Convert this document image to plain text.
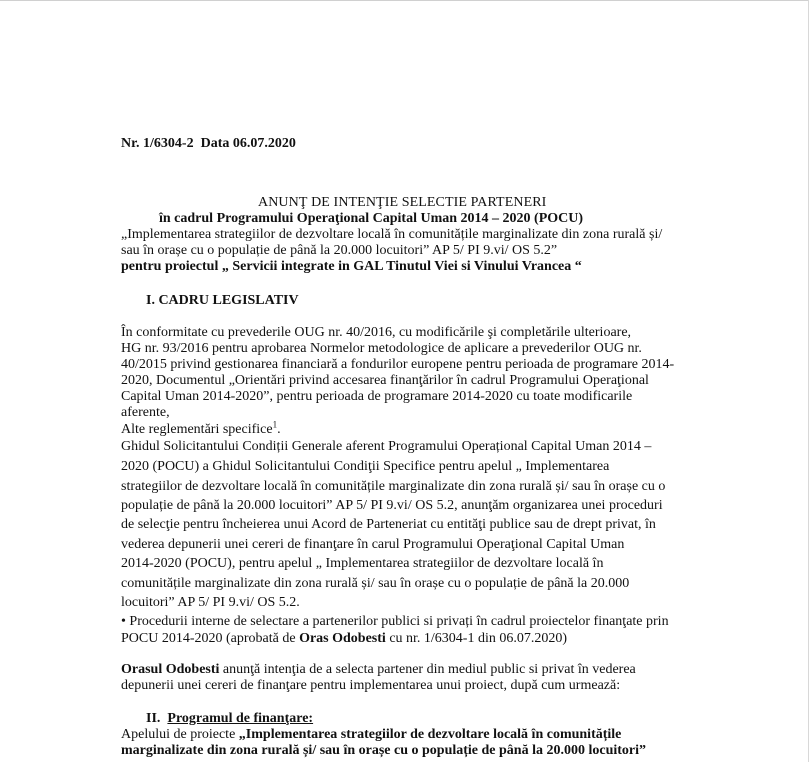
Nr. 1/6304-2 Data 06.07.2020
ANUNŢ DE INTENŢIE SELECTIE PARTENERI
în cadrul Programului Operaţional Capital Uman 2014 – 2020 (POCU)
„Implementarea strategiilor de dezvoltare locală în comunitățile marginalizate din zona rurală și/
sau în orașe cu o populație de până la 20.000 locuitori” AP 5/ PI 9.vi/ OS 5.2”
pentru proiectul „ Servicii integrate in GAL Tinutul Viei si Vinului Vrancea “
I. CADRU LEGISLATIV
În conformitate cu prevederile OUG nr. 40/2016, cu modificările şi completările ulterioare,
HG nr. 93/2016 pentru aprobarea Normelor metodologice de aplicare a prevederilor OUG nr.
40/2015 privind gestionarea financiară a fondurilor europene pentru perioada de programare 2014-
2020, Documentul „Orientări privind accesarea finanţărilor în cadrul Programului Operaţional
Capital Uman 2014-2020”, pentru perioada de programare 2014-2020 cu toate modificarile
aferente,
Alte reglementări specifice$^1$.
Ghidul Solicitantului Condiții Generale aferent Programului Operațional Capital Uman 2014 –
2020 (POCU) a Ghidul Solicitantului Condiţii Specifice pentru apelul „ Implementarea
strategiilor de dezvoltare locală în comunitățile marginalizate din zona rurală și/ sau în orașe cu o
populație de până la 20.000 locuitori” AP 5/ PI 9.vi/ OS 5.2, anunţăm organizarea unei proceduri
de selecţie pentru încheierea unui Acord de Parteneriat cu entităţi publice sau de drept privat, în
vederea depunerii unei cereri de finanţare în carul Programului Operaţional Capital Uman
2014-2020 (POCU), pentru apelul „ Implementarea strategiilor de dezvoltare locală în
comunitățile marginalizate din zona rurală și/ sau în orașe cu o populație de până la 20.000
locuitori” AP 5/ PI 9.vi/ OS 5.2.
• Procedurii interne de selectare a partenerilor publici si privați în cadrul proiectelor finanţate prin
POCU 2014-2020 (aprobată de Oras Odobesti cu nr. 1/6304-1 din 06.07.2020)
Orasul Odobesti anunţă intenţia de a selecta partener din mediul public si privat în vederea
depunerii unei cereri de finanţare pentru implementarea unui proiect, după cum urmează:
II. Programul de finanţare:
Apelului de proiecte „Implementarea strategiilor de dezvoltare locală în comunitățile
marginalizate din zona rurală și/ sau în orașe cu o populație de până la 20.000 locuitori”
